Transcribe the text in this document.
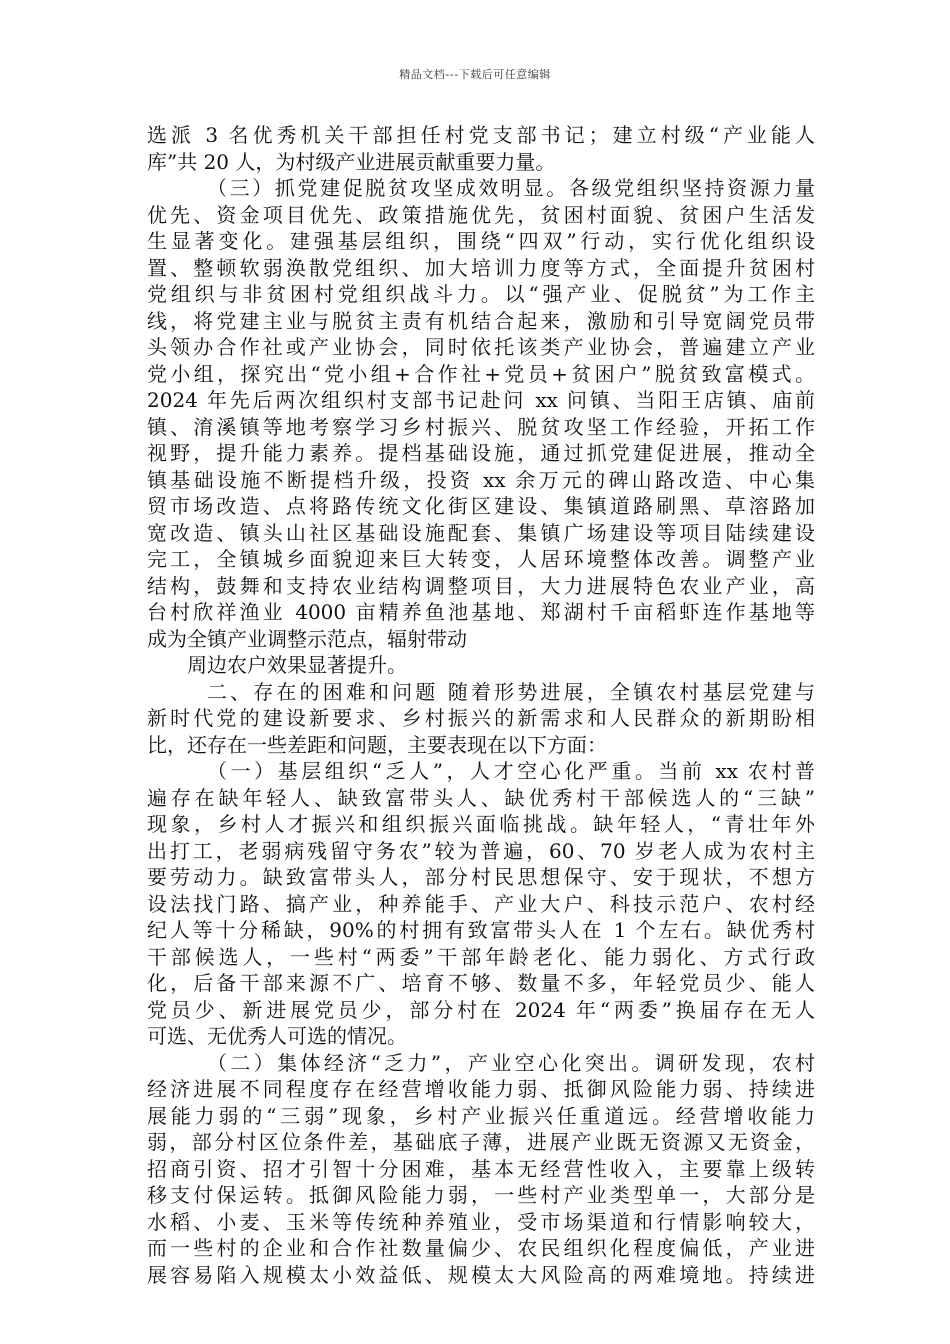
精品文档---下载后可任意编辑
选派 3 名优秀机关干部担任村党支部书记；建立村级“产业能人
库”共 20 人，为村级产业进展贡献重要力量。
（三）抓党建促脱贫攻坚成效明显。各级党组织坚持资源力量
优先、资金项目优先、政策措施优先，贫困村面貌、贫困户生活发
生显著变化。建强基层组织，围绕“四双”行动，实行优化组织设
置、整顿软弱涣散党组织、加大培训力度等方式，全面提升贫困村
党组织与非贫困村党组织战斗力。以“强产业、促脱贫”为工作主
线，将党建主业与脱贫主责有机结合起来，激励和引导宽阔党员带
头领办合作社或产业协会，同时依托该类产业协会，普遍建立产业
党小组，探究出“党小组+合作社+党员+贫困户”脱贫致富模式。
2024 年先后两次组织村支部书记赴问 xx 问镇、当阳王店镇、庙前
镇、淯溪镇等地考察学习乡村振兴、脱贫攻坚工作经验，开拓工作
视野，提升能力素养。提档基础设施，通过抓党建促进展，推动全
镇基础设施不断提档升级，投资 xx 余万元的碑山路改造、中心集
贸市场改造、点将路传统文化街区建设、集镇道路刷黑、草溶路加
宽改造、镇头山社区基础设施配套、集镇广场建设等项目陆续建设
完工，全镇城乡面貌迎来巨大转变，人居环境整体改善。调整产业
结构，鼓舞和支持农业结构调整项目，大力进展特色农业产业，高
台村欣祥渔业 4000 亩精养鱼池基地、郑湖村千亩稻虾连作基地等
成为全镇产业调整示范点，辐射带动
周边农户效果显著提升。
二、存在的困难和问题 随着形势进展，全镇农村基层党建与
新时代党的建设新要求、乡村振兴的新需求和人民群众的新期盼相
比，还存在一些差距和问题，主要表现在以下方面：
（一）基层组织“乏人”，人才空心化严重。当前 xx 农村普
遍存在缺年轻人、缺致富带头人、缺优秀村干部候选人的“三缺”
现象，乡村人才振兴和组织振兴面临挑战。缺年轻人，“青壮年外
出打工，老弱病残留守务农”较为普遍，60、70 岁老人成为农村主
要劳动力。缺致富带头人，部分村民思想保守、安于现状，不想方
设法找门路、搞产业，种养能手、产业大户、科技示范户、农村经
纪人等十分稀缺，90%的村拥有致富带头人在 1 个左右。缺优秀村
干部候选人，一些村“两委”干部年龄老化、能力弱化、方式行政
化，后备干部来源不广、培育不够、数量不多，年轻党员少、能人
党员少、新进展党员少，部分村在 2024 年“两委”换届存在无人
可选、无优秀人可选的情况。
（二）集体经济“乏力”，产业空心化突出。调研发现，农村
经济进展不同程度存在经营增收能力弱、抵御风险能力弱、持续进
展能力弱的“三弱”现象，乡村产业振兴任重道远。经营增收能力
弱，部分村区位条件差，基础底子薄，进展产业既无资源又无资金，
招商引资、招才引智十分困难，基本无经营性收入，主要靠上级转
移支付保运转。抵御风险能力弱，一些村产业类型单一，大部分是
水稻、小麦、玉米等传统种养殖业，受市场渠道和行情影响较大，
而一些村的企业和合作社数量偏少、农民组织化程度偏低，产业进
展容易陷入规模太小效益低、规模太大风险高的两难境地。持续进
